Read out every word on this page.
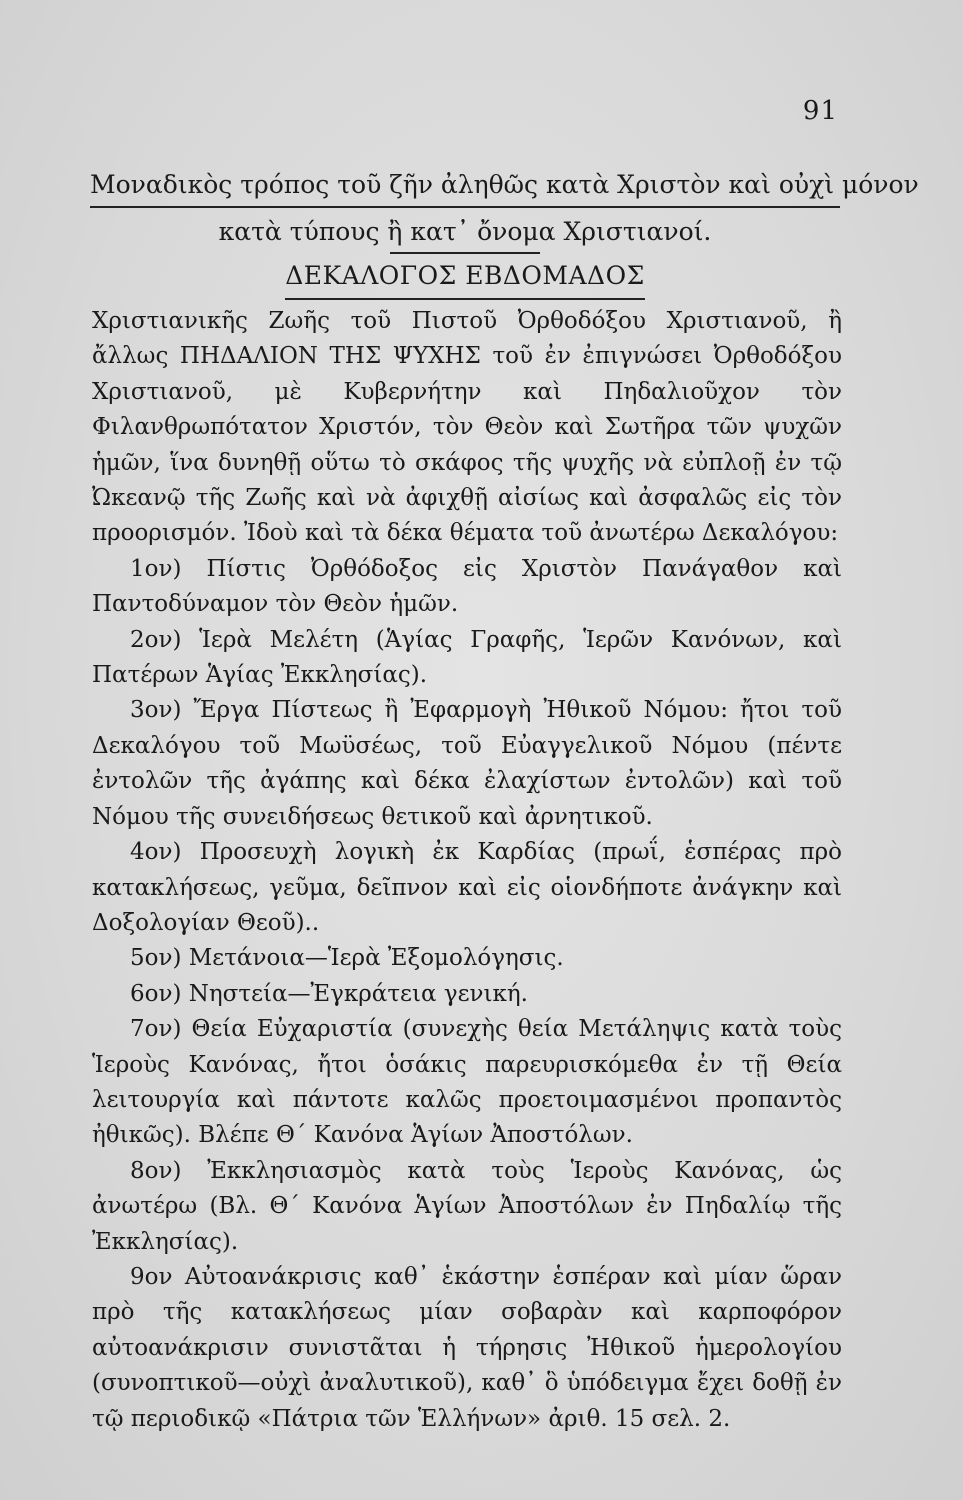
91
Μοναδικὸς τρόπος τοῦ ζῆν ἀληθῶς κατὰ Χριστὸν καὶ οὐχὶ μόνον
κατὰ τύπους ἢ κατ᾽ ὄνομα Χριστιανοί.
ΔΕΚΑΛΟΓΟΣ ΕΒΔΟΜΑΔΟΣ

Χριστιανικῆς Ζωῆς τοῦ Πιστοῦ Ὀρθοδόξου Χριστιανοῦ, ἢ ἄλλως ΠΗΔΑΛΙΟΝ ΤΗΣ ΨΥΧΗΣ τοῦ ἐν ἐπιγνώσει Ὀρθοδόξου Χριστιανοῦ, μὲ Κυβερνήτην καὶ Πηδαλιοῦχον τὸν Φιλανθρωπότατον Χριστόν, τὸν Θεὸν καὶ Σωτῆρα τῶν ψυχῶν ἡμῶν, ἵνα δυνηθῇ οὕτω τὸ σκάφος τῆς ψυχῆς νὰ εὐπλοῇ ἐν τῷ Ὠκεανῷ τῆς Ζωῆς καὶ νὰ ἀφιχθῇ αἰσίως καὶ ἀσφαλῶς εἰς τὸν προορισμόν. Ἰδοὺ καὶ τὰ δέκα θέματα τοῦ ἀνωτέρω Δεκαλόγου:

1ον) Πίστις Ὀρθόδοξος εἰς Χριστὸν Πανάγαθον καὶ Παντοδύναμον τὸν Θεὸν ἡμῶν.

2ον) Ἱερὰ Μελέτη (Ἁγίας Γραφῆς, Ἱερῶν Κανόνων, καὶ Πατέρων Ἁγίας Ἐκκλησίας).

3ον) Ἔργα Πίστεως ἢ Ἐφαρμογὴ Ἠθικοῦ Νόμου: ἤτοι τοῦ Δεκαλόγου τοῦ Μωϋσέως, τοῦ Εὐαγγελικοῦ Νόμου (πέντε ἐντολῶν τῆς ἀγάπης καὶ δέκα ἐλαχίστων ἐντολῶν) καὶ τοῦ Νόμου τῆς συνειδήσεως θετικοῦ καὶ ἀρνητικοῦ.

4ον) Προσευχὴ λογικὴ ἐκ Καρδίας (πρωΐ, ἑσπέρας πρὸ κατακλήσεως, γεῦμα, δεῖπνον καὶ εἰς οἱονδήποτε ἀνάγκην καὶ Δοξολογίαν Θεοῦ)..

5ον) Μετάνοια—Ἱερὰ Ἐξομολόγησις.

6ον) Νηστεία—Ἐγκράτεια γενική.

7ον) Θεία Εὐχαριστία (συνεχὴς θεία Μετάληψις κατὰ τοὺς Ἱεροὺς Κανόνας, ἤτοι ὁσάκις παρευρισκόμεθα ἐν τῇ Θεία λειτουργία καὶ πάντοτε καλῶς προετοιμασμένοι προπαντὸς ἠθικῶς). Βλέπε Θ΄ Κανόνα Ἁγίων Ἀποστόλων.

8ον) Ἐκκλησιασμὸς κατὰ τοὺς Ἱεροὺς Κανόνας, ὡς ἀνωτέρω (Βλ. Θ΄ Κανόνα Ἁγίων Ἀποστόλων ἐν Πηδαλίῳ τῆς Ἐκκλησίας).

9ον Αὐτοανάκρισις καθ᾽ ἑκάστην ἑσπέραν καὶ μίαν ὥραν πρὸ τῆς κατακλήσεως μίαν σοβαρὰν καὶ καρποφόρον αὐτοανάκρισιν συνιστᾶται ἡ τήρησις Ἠθικοῦ ἡμερολογίου (συνοπτικοῦ—οὐχὶ ἀναλυτικοῦ), καθ᾽ ὃ ὑπόδειγμα ἔχει δοθῇ ἐν τῷ περιοδικῷ «Πάτρια τῶν Ἑλλήνων» ἀριθ. 15 σελ. 2.
